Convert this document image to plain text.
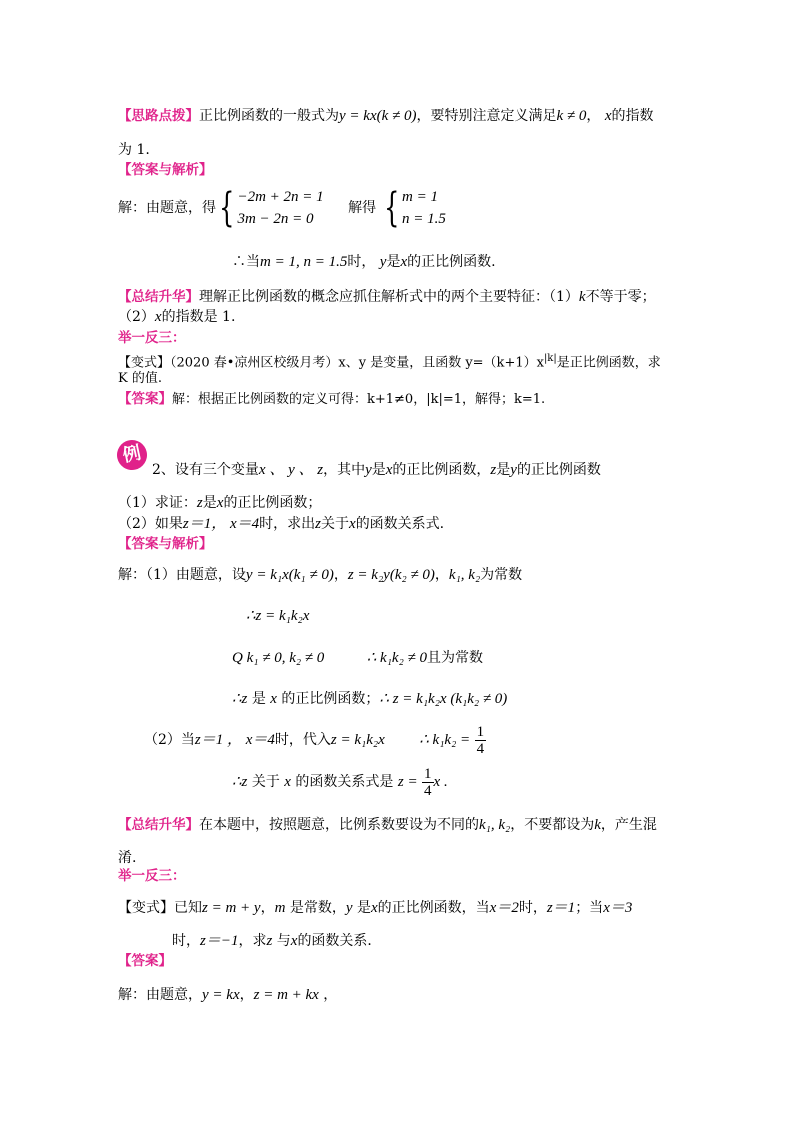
【思路点拨】正比例函数的一般式为y = kx(k ≠ 0)，要特别注意定义满足k ≠ 0， x的指数
为 1.
【答案与解析】
解：由题意，得{ −2m + 2n = 1
3m − 2n = 0 解得 { m = 1
n = 1.5
∴当m = 1, n = 1.5时， y是x的正比例函数.
【总结升华】理解正比例函数的概念应抓住解析式中的两个主要特征：（1）k不等于零；
（2）x的指数是 1.
举一反三：
【变式】（2020 春•凉州区校级月考）x、y 是变量，且函数 $y=(k+1)x^{|k|}$是正比例函数，求
K 的值.
【答案】解：根据正比例函数的定义可得：k+1≠0，|k|=1，解得；k=1.
例
2、设有三个变量x 、 y 、 z，其中y是x的正比例函数，z是y的正比例函数
（1）求证：z是x的正比例函数；
（2）如果z＝1， x＝4时，求出z关于x的函数关系式.
【答案与解析】
解：（1）由题意，设y = k₁x(k₁ ≠ 0)，z = k₂y(k₂ ≠ 0)，k₁, k₂为常数
∴z = k₁k₂x
Q k₁ ≠ 0, k₂ ≠ 0	∴ k₁k₂ ≠ 0且为常数
∴z 是 x 的正比例函数；∴ z = k₁k₂x (k₁k₂ ≠ 0)
（2）当z＝1 ， x＝4时，代入z = k₁k₂x ∴ $k_1k_2 = \frac{1}{4}$
∴z 关于 x 的函数关系式是 $z = \frac{1}{4}$ x .
【总结升华】在本题中，按照题意，比例系数要设为不同的k₁, k₂，不要都设为k，产生混
淆.
举一反三：
【变式】已知z = m + y，m 是常数，y 是x的正比例函数，当x＝2时，z＝1；当x＝3
时，z＝−1，求z 与x的函数关系．
【答案】
解：由题意，y = kx，z = m + kx ，
